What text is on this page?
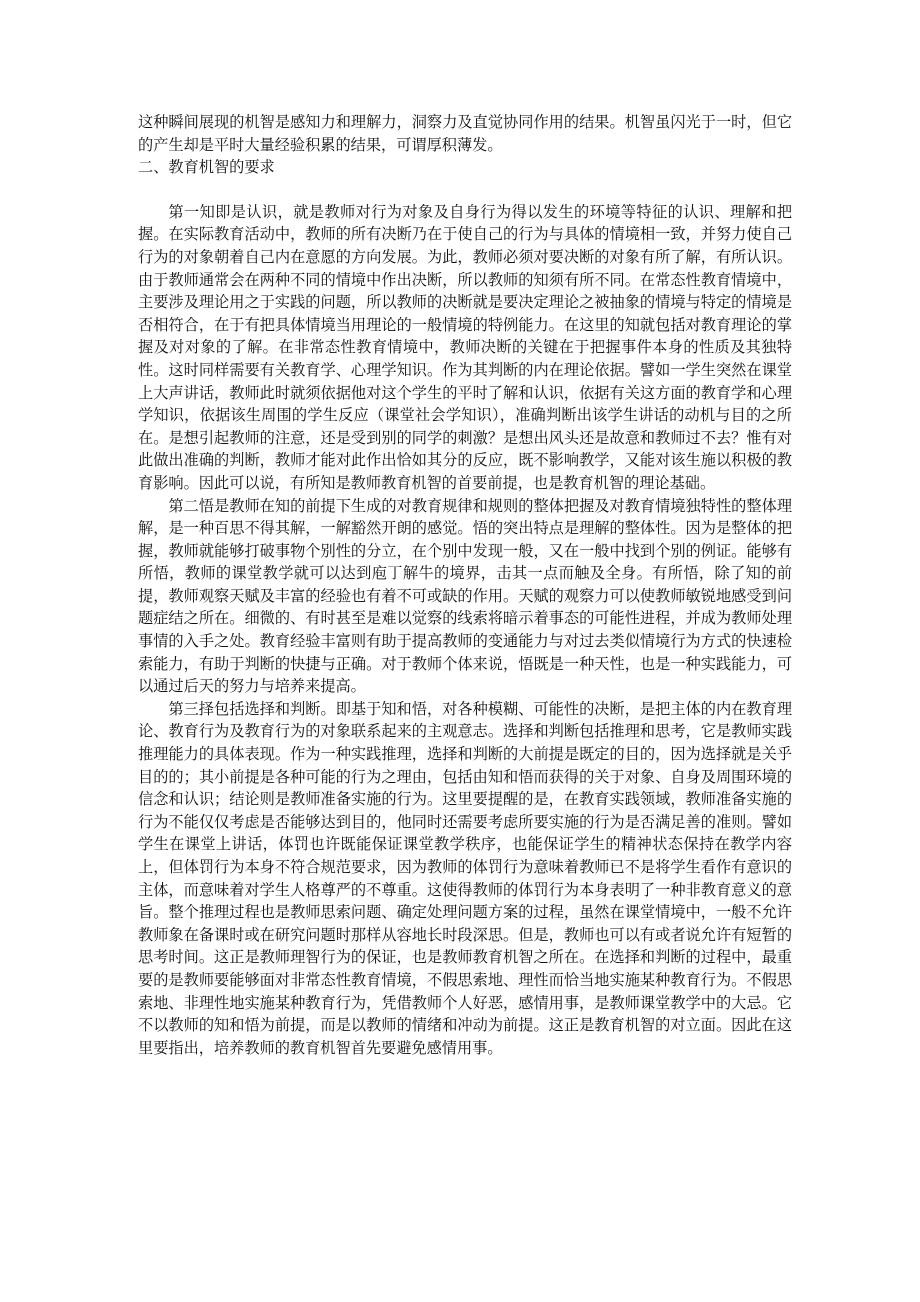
这种瞬间展现的机智是感知力和理解力，洞察力及直觉协同作用的结果。机智虽闪光于一时，但它的产生却是平时大量经验积累的结果，可谓厚积薄发。

二、教育机智的要求

第一知即是认识，就是教师对行为对象及自身行为得以发生的环境等特征的认识、理解和把握。在实际教育活动中，教师的所有决断乃在于使自己的行为与具体的情境相一致，并努力使自己行为的对象朝着自己内在意愿的方向发展。为此，教师必须对要决断的对象有所了解，有所认识。由于教师通常会在两种不同的情境中作出决断，所以教师的知须有所不同。在常态性教育情境中，主要涉及理论用之于实践的问题，所以教师的决断就是要决定理论之被抽象的情境与特定的情境是否相符合，在于有把具体情境当用理论的一般情境的特例能力。在这里的知就包括对教育理论的掌握及对对象的了解。在非常态性教育情境中，教师决断的关键在于把握事件本身的性质及其独特性。这时同样需要有关教育学、心理学知识。作为其判断的内在理论依据。譬如一学生突然在课堂上大声讲话，教师此时就须依据他对这个学生的平时了解和认识，依据有关这方面的教育学和心理学知识，依据该生周围的学生反应（课堂社会学知识），准确判断出该学生讲话的动机与目的之所在。是想引起教师的注意，还是受到别的同学的刺激？是想出风头还是故意和教师过不去？惟有对此做出准确的判断，教师才能对此作出恰如其分的反应，既不影响教学，又能对该生施以积极的教育影响。因此可以说，有所知是教师教育机智的首要前提，也是教育机智的理论基础。

第二悟是教师在知的前提下生成的对教育规律和规则的整体把握及对教育情境独特性的整体理解，是一种百思不得其解，一解豁然开朗的感觉。悟的突出特点是理解的整体性。因为是整体的把握，教师就能够打破事物个别性的分立，在个别中发现一般，又在一般中找到个别的例证。能够有所悟，教师的课堂教学就可以达到庖丁解牛的境界，击其一点而触及全身。有所悟，除了知的前提，教师观察天赋及丰富的经验也有着不可或缺的作用。天赋的观察力可以使教师敏锐地感受到问题症结之所在。细微的、有时甚至是难以觉察的线索将暗示着事态的可能性进程，并成为教师处理事情的入手之处。教育经验丰富则有助于提高教师的变通能力与对过去类似情境行为方式的快速检索能力，有助于判断的快捷与正确。对于教师个体来说，悟既是一种天性，也是一种实践能力，可以通过后天的努力与培养来提高。

第三择包括选择和判断。即基于知和悟，对各种模糊、可能性的决断，是把主体的内在教育理论、教育行为及教育行为的对象联系起来的主观意志。选择和判断包括推理和思考，它是教师实践推理能力的具体表现。作为一种实践推理，选择和判断的大前提是既定的目的，因为选择就是关乎目的的；其小前提是各种可能的行为之理由，包括由知和悟而获得的关于对象、自身及周围环境的信念和认识；结论则是教师准备实施的行为。这里要提醒的是，在教育实践领域，教师准备实施的行为不能仅仅考虑是否能够达到目的，他同时还需要考虑所要实施的行为是否满足善的准则。譬如学生在课堂上讲话，体罚也许既能保证课堂教学秩序，也能保证学生的精神状态保持在教学内容上，但体罚行为本身不符合规范要求，因为教师的体罚行为意味着教师已不是将学生看作有意识的主体，而意味着对学生人格尊严的不尊重。这使得教师的体罚行为本身表明了一种非教育意义的意旨。整个推理过程也是教师思索问题、确定处理问题方案的过程，虽然在课堂情境中，一般不允许教师象在备课时或在研究问题时那样从容地长时段深思。但是，教师也可以有或者说允许有短暂的思考时间。这正是教师理智行为的保证，也是教师教育机智之所在。在选择和判断的过程中，最重要的是教师要能够面对非常态性教育情境，不假思索地、理性而恰当地实施某种教育行为。不假思索地、非理性地实施某种教育行为，凭借教师个人好恶，感情用事，是教师课堂教学中的大忌。它不以教师的知和悟为前提，而是以教师的情绪和冲动为前提。这正是教育机智的对立面。因此在这里要指出，培养教师的教育机智首先要避免感情用事。
